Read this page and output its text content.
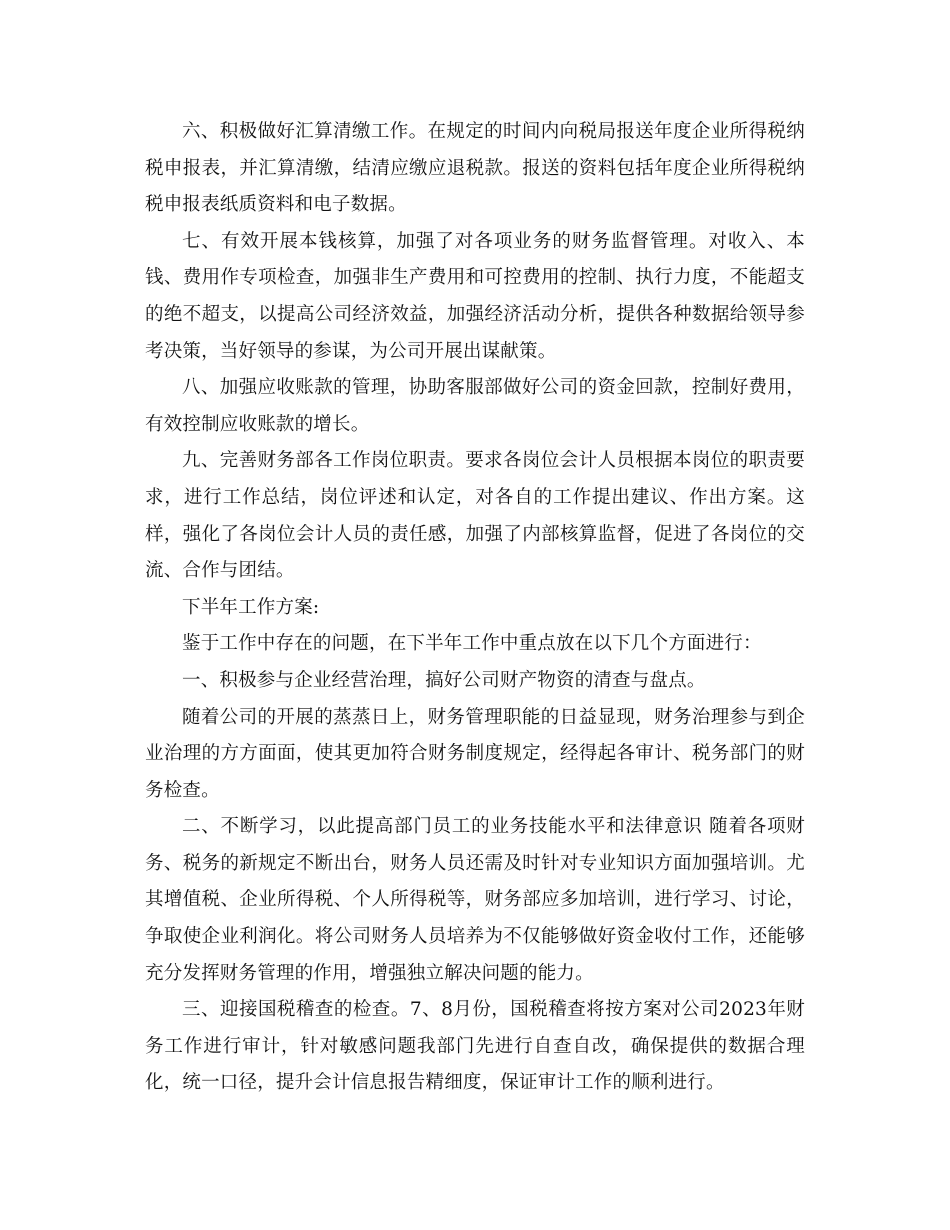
六、积极做好汇算清缴工作。在规定的时间内向税局报送年度企业所得税纳税申报表，并汇算清缴，结清应缴应退税款。报送的资料包括年度企业所得税纳税申报表纸质资料和电子数据。

七、有效开展本钱核算，加强了对各项业务的财务监督管理。对收入、本钱、费用作专项检查，加强非生产费用和可控费用的控制、执行力度，不能超支的绝不超支，以提高公司经济效益，加强经济活动分析，提供各种数据给领导参考决策，当好领导的参谋，为公司开展出谋献策。

八、加强应收账款的管理，协助客服部做好公司的资金回款，控制好费用，有效控制应收账款的增长。

九、完善财务部各工作岗位职责。要求各岗位会计人员根据本岗位的职责要求，进行工作总结，岗位评述和认定，对各自的工作提出建议、作出方案。这样，强化了各岗位会计人员的责任感，加强了内部核算监督，促进了各岗位的交流、合作与团结。

下半年工作方案:

鉴于工作中存在的问题，在下半年工作中重点放在以下几个方面进行：

一、积极参与企业经营治理，搞好公司财产物资的清查与盘点。

随着公司的开展的蒸蒸日上，财务管理职能的日益显现，财务治理参与到企业治理的方方面面，使其更加符合财务制度规定，经得起各审计、税务部门的财务检查。

二、不断学习，以此提高部门员工的业务技能水平和法律意识 随着各项财务、税务的新规定不断出台，财务人员还需及时针对专业知识方面加强培训。尤其增值税、企业所得税、个人所得税等，财务部应多加培训，进行学习、讨论，争取使企业利润化。将公司财务人员培养为不仅能够做好资金收付工作，还能够充分发挥财务管理的作用，增强独立解决问题的能力。

三、迎接国税稽查的检查。7、8月份，国税稽查将按方案对公司2023年财务工作进行审计，针对敏感问题我部门先进行自查自改，确保提供的数据合理化，统一口径，提升会计信息报告精细度，保证审计工作的顺利进行。
